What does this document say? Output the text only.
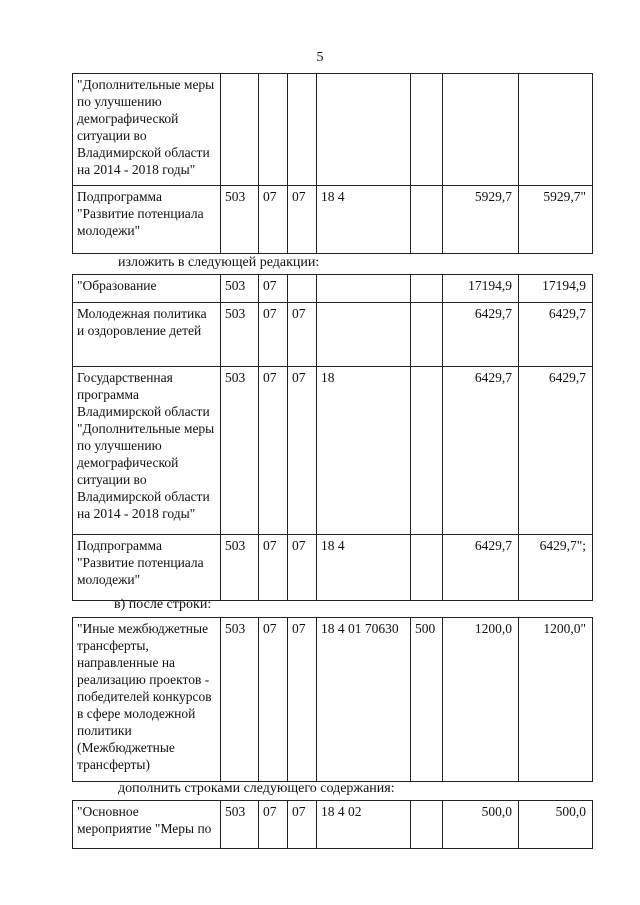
5
"Дополнительные меры по улучшению демографической ситуации во Владимирской области на 2014 - 2018 годы"							
Подпрограмма "Развитие потенциала молодежи"	503	07	07	18 4		5929,7	5929,7"
изложить в следующей редакции:
"Образование	503	07				17194,9	17194,9
Молодежная политика и оздоровление детей	503	07	07			6429,7	6429,7
Государственная программа Владимирской области "Дополнительные меры по улучшению демографической ситуации во Владимирской области на 2014 - 2018 годы"	503	07	07	18		6429,7	6429,7
Подпрограмма "Развитие потенциала молодежи"	503	07	07	18 4		6429,7	6429,7";
в) после строки:
"Иные межбюджетные трансферты, направленные на реализацию проектов - победителей конкурсов в сфере молодежной политики (Межбюджетные трансферты)	503	07	07	18 4 01 70630	500	1200,0	1200,0"
дополнить строками следующего содержания:
"Основное мероприятие "Меры по	503	07	07	18 4 02		500,0	500,0
